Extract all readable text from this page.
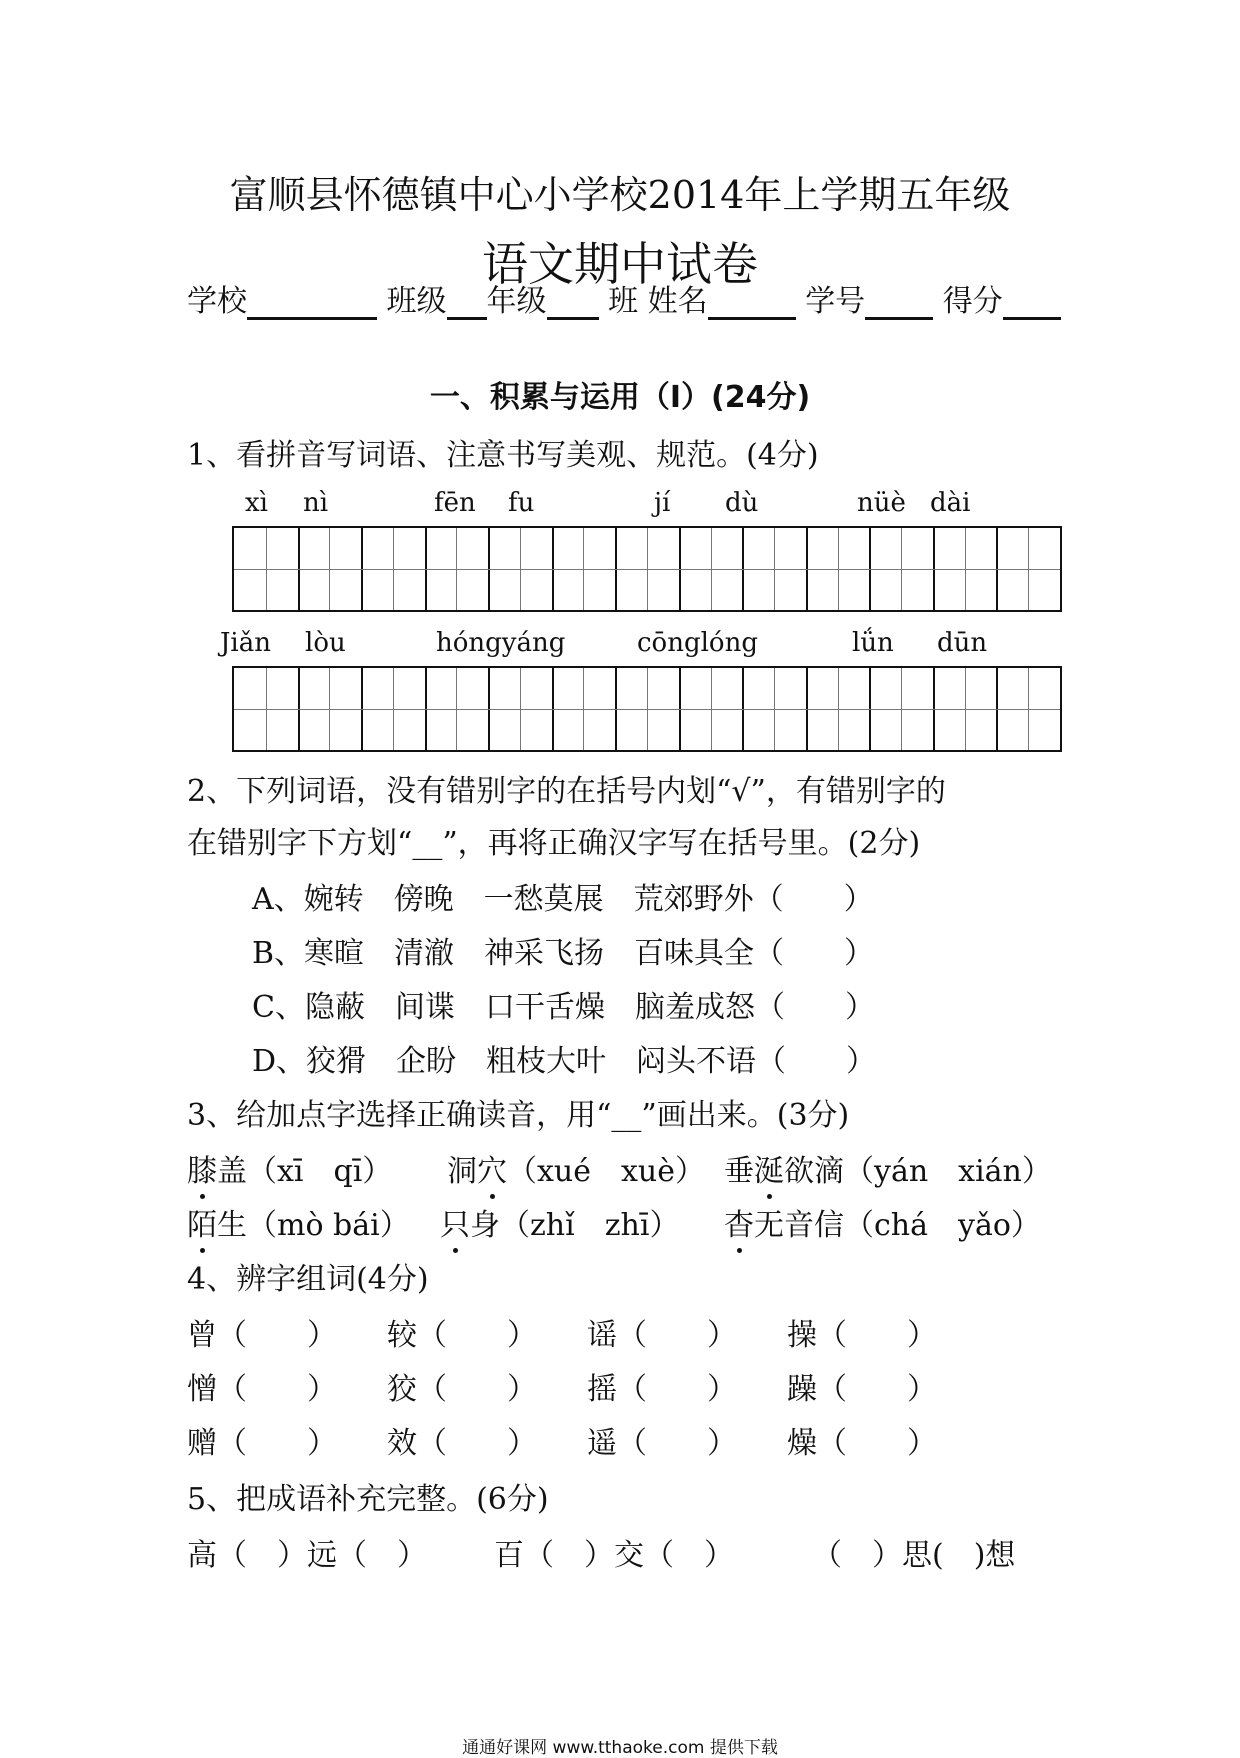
富顺县怀德镇中心小学校2014年上学期五年级
语文期中试卷
学校	班级 年级 班 姓名	学号	得分
一、积累与运用（Ⅰ）(24分)
1、看拼音写词语、注意书写美观、规范。(4分)
xì nì	fēn fu	jí dù	nüè dài
Jiǎn lòu	hóngyáng	cōnglóng	lǘn dūn
2、下列词语，没有错别字的在括号内划“√”，有错别字的
在错别字下方划“__”，再将正确汉字写在括号里。(2分)
A、婉转　傍晚　一愁莫展　荒郊野外（　　）
B、寒暄　清澈　神采飞扬　百味具全（　　）
C、隐蔽　间谍　口干舌燥　脑羞成怒（　　）
D、狡猾　企盼　粗枝大叶　闷头不语（　　）
3、给加点字选择正确读音，用“__”画出来。(3分)
膝盖（xī　qī） 洞穴（xué　xuè） 垂涎欲滴（yán　xián）
陌生（mò bái） 只身（zhǐ　zhī） 杳无音信（chá　yǎo）
4、辨字组词(4分)
曾（　　） 较（　　） 谣（　　） 操（　　）
憎（　　） 狡（　　） 摇（　　） 躁（　　）
赠（　　） 效（　　） 遥（　　） 燥（　　）
5、把成语补充完整。(6分)
高（　）远（　） 百（　）交（　）	（　）思(　)想
通通好课网 www.tthaoke.com 提供下载
